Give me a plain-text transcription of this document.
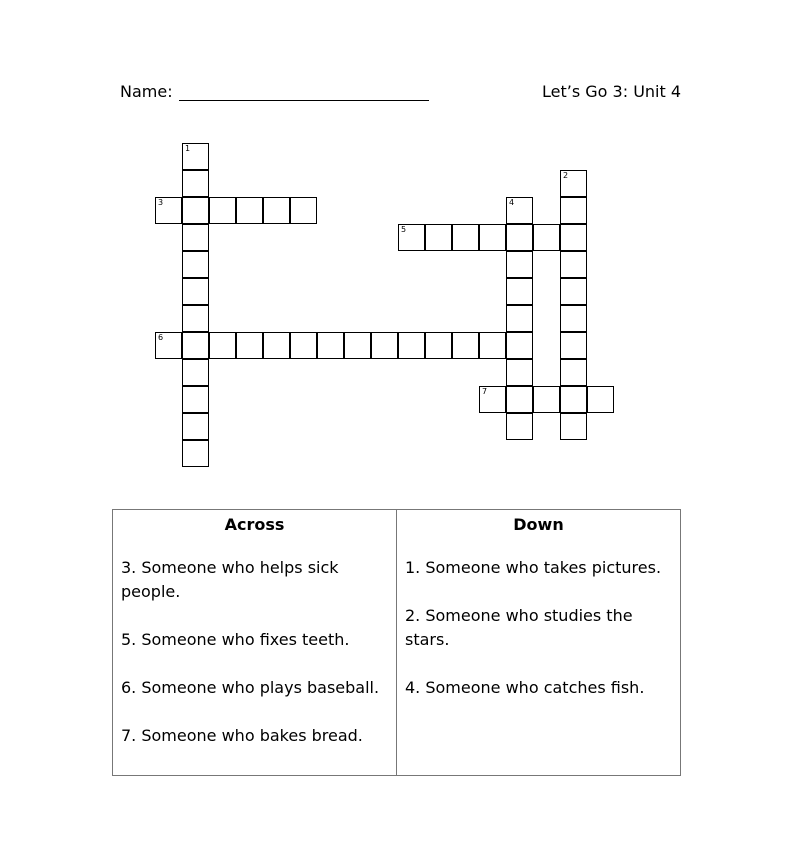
Name:	Let’s Go 3: Unit 4
1
2
3	4
5
6
7
Across
3. Someone who helps sick people.
5. Someone who fixes teeth.
6. Someone who plays baseball.
7. Someone who bakes bread.
Down
1. Someone who takes pictures.
2. Someone who studies the stars.
4. Someone who catches fish.
